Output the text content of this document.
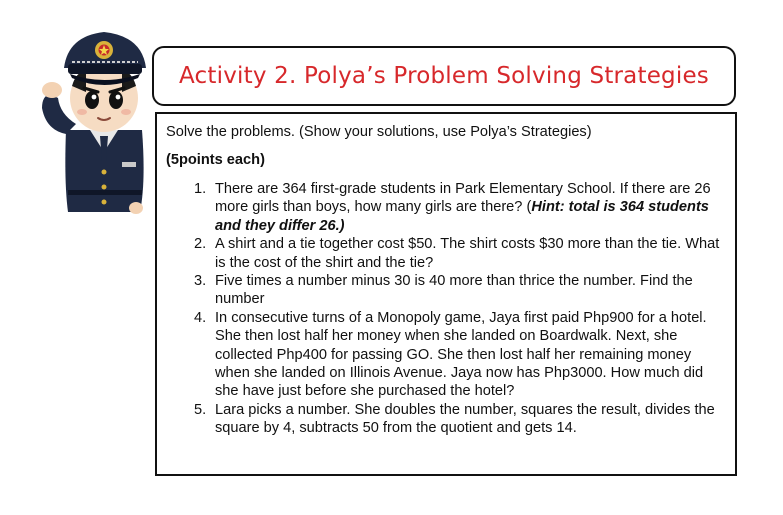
Activity 2. Polya’s Problem Solving Strategies
Solve the problems. (Show your solutions, use Polya’s Strategies)
(5points each)
1. There are 364 first-grade students in Park Elementary School. If there are 26 more girls than boys, how many girls are there? (Hint: total is 364 students and they differ 26.)
2. A shirt and a tie together cost $50. The shirt costs $30 more than the tie. What is the cost of the shirt and the tie?
3. Five times a number minus 30 is 40 more than thrice the number. Find the number
4. In consecutive turns of a Monopoly game, Jaya first paid Php900 for a hotel. She then lost half her money when she landed on Boardwalk. Next, she collected Php400 for passing GO. She then lost half her remaining money when she landed on Illinois Avenue. Jaya now has Php3000. How much did she have just before she purchased the hotel?
5. Lara picks a number. She doubles the number, squares the result, divides the square by 4, subtracts 50 from the quotient and gets 14.
